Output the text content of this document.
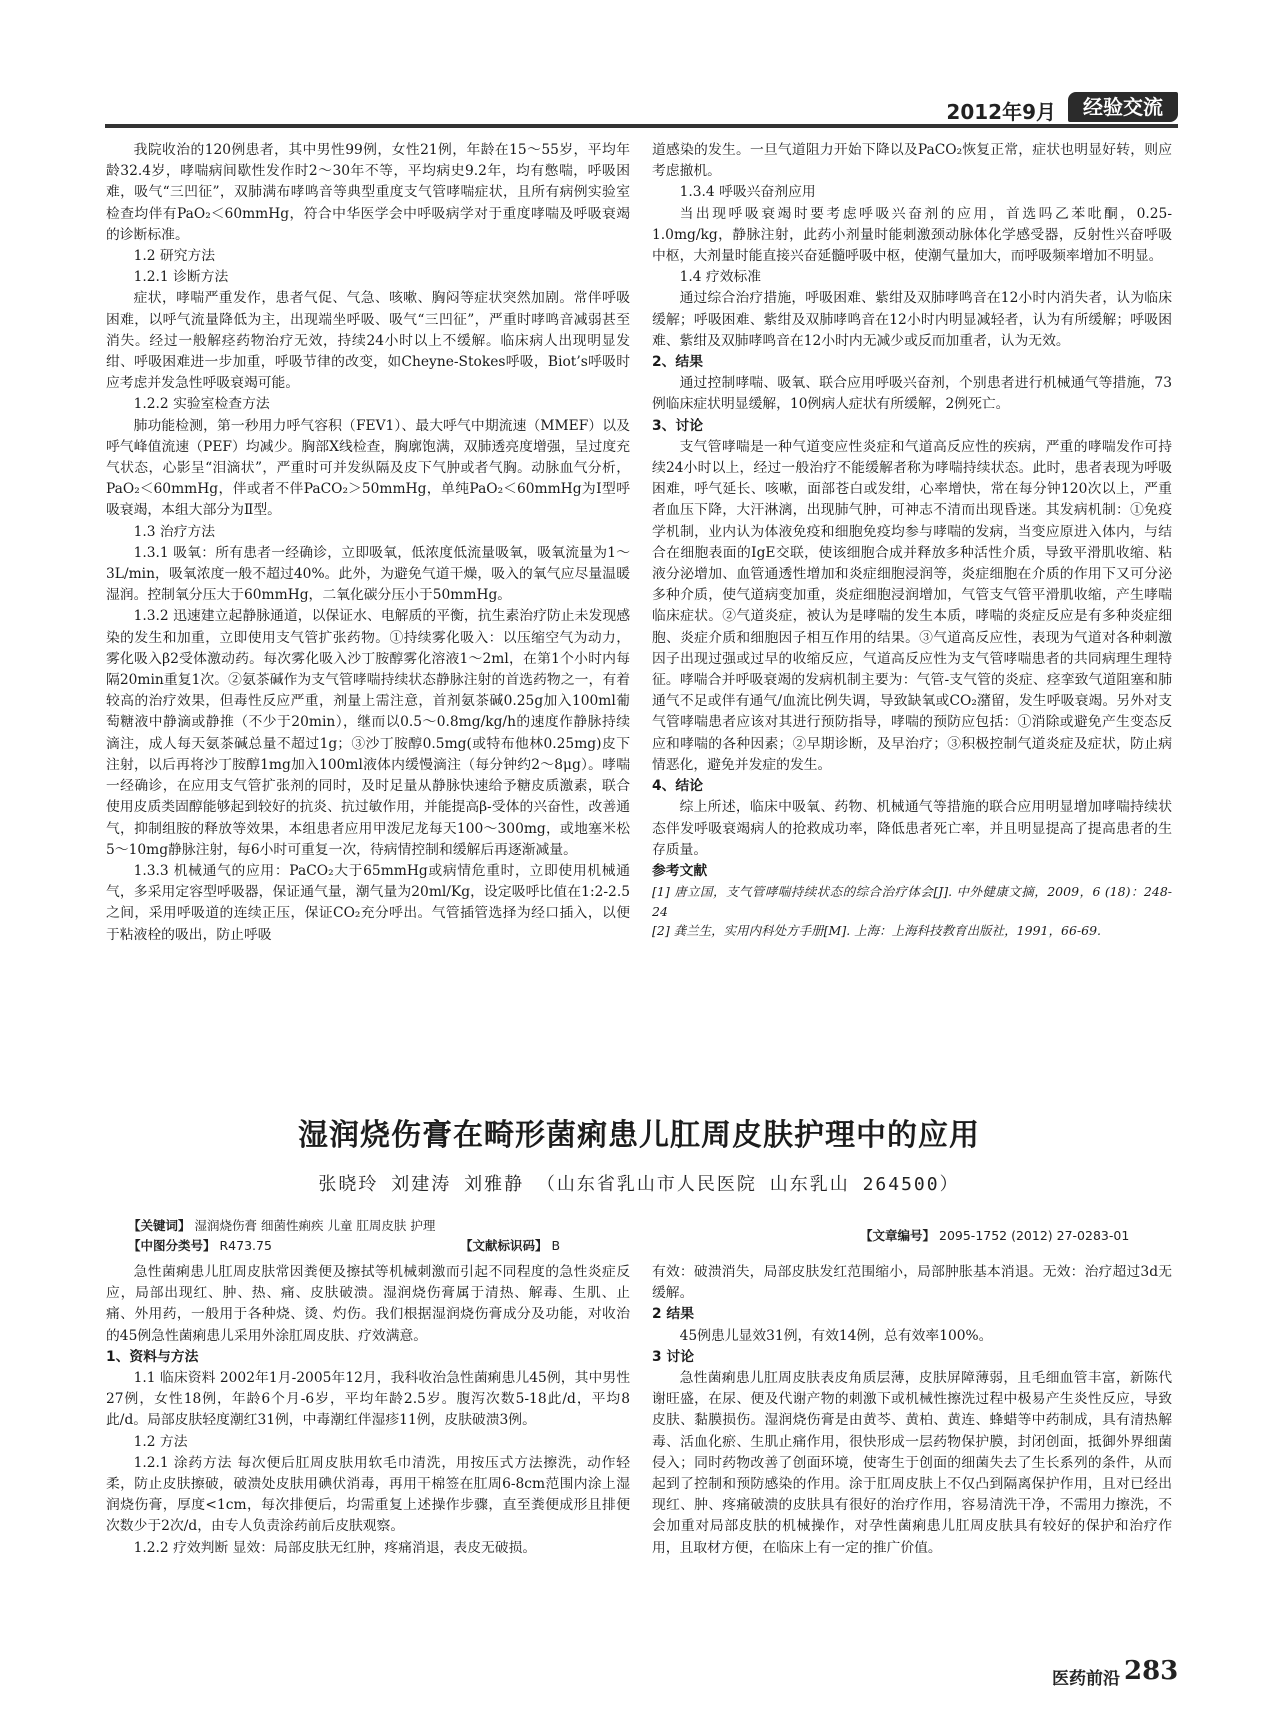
2012年9月	经验交流

我院收治的120例患者，其中男性99例，女性21例，年龄在15～55岁，平均年龄32.4岁，哮喘病间歇性发作时2～30年不等，平均病史9.2年，均有憋喘，呼吸困难，吸气“三凹征”，双肺满布哮鸣音等典型重度支气管哮喘症状，且所有病例实验室检查均伴有PaO₂＜60mmHg，符合中华医学会中呼吸病学对于重度哮喘及呼吸衰竭的诊断标准。

1.2 研究方法

1.2.1 诊断方法

症状，哮喘严重发作，患者气促、气急、咳嗽、胸闷等症状突然加剧。常伴呼吸困难，以呼气流量降低为主，出现端坐呼吸、吸气“三凹征”，严重时哮鸣音减弱甚至消失。经过一般解痉药物治疗无效，持续24小时以上不缓解。临床病人出现明显发绀、呼吸困难进一步加重，呼吸节律的改变，如Cheyne-Stokes呼吸，Biot’s呼吸时应考虑并发急性呼吸衰竭可能。

1.2.2 实验室检查方法

肺功能检测，第一秒用力呼气容积（FEV1）、最大呼气中期流速（MMEF）以及呼气峰值流速（PEF）均减少。胸部X线检查，胸廓饱满，双肺透亮度增强，呈过度充气状态，心影呈“泪滴状”，严重时可并发纵隔及皮下气肿或者气胸。动脉血气分析，PaO₂＜60mmHg，伴或者不伴PaCO₂＞50mmHg，单纯PaO₂＜60mmHg为Ⅰ型呼吸衰竭，本组大部分为Ⅱ型。

1.3 治疗方法

1.3.1 吸氧：所有患者一经确诊，立即吸氧，低浓度低流量吸氧，吸氧流量为1～3L/min，吸氧浓度一般不超过40%。此外，为避免气道干燥，吸入的氧气应尽量温暖湿润。控制氧分压大于60mmHg，二氧化碳分压小于50mmHg。

1.3.2 迅速建立起静脉通道，以保证水、电解质的平衡，抗生素治疗防止未发现感染的发生和加重，立即使用支气管扩张药物。①持续雾化吸入：以压缩空气为动力，雾化吸入β2受体激动药。每次雾化吸入沙丁胺醇雾化溶液1～2ml，在第1个小时内每隔20min重复1次。②氨茶碱作为支气管哮喘持续状态静脉注射的首选药物之一，有着较高的治疗效果，但毒性反应严重，剂量上需注意，首剂氨茶碱0.25g加入100ml葡萄糖液中静滴或静推（不少于20min），继而以0.5～0.8mg/kg/h的速度作静脉持续滴注，成人每天氨茶碱总量不超过1g；③沙丁胺醇0.5mg(或特布他林0.25mg)皮下注射，以后再将沙丁胺醇1mg加入100ml液体内缓慢滴注（每分钟约2～8μg）。哮喘一经确诊，在应用支气管扩张剂的同时，及时足量从静脉快速给予糖皮质激素，联合使用皮质类固醇能够起到较好的抗炎、抗过敏作用，并能提高β-受体的兴奋性，改善通气，抑制组胺的释放等效果，本组患者应用甲泼尼龙每天100～300mg，或地塞米松5～10mg静脉注射，每6小时可重复一次，待病情控制和缓解后再逐渐减量。

1.3.3 机械通气的应用：PaCO₂大于65mmHg或病情危重时，立即使用机械通气，多采用定容型呼吸器，保证通气量，潮气量为20ml/Kg，设定吸呼比值在1:2-2.5之间，采用呼吸道的连续正压，保证CO₂充分呼出。气管插管选择为经口插入，以便于粘液栓的吸出，防止呼吸

道感染的发生。一旦气道阻力开始下降以及PaCO₂恢复正常，症状也明显好转，则应考虑撤机。

1.3.4 呼吸兴奋剂应用

当出现呼吸衰竭时要考虑呼吸兴奋剂的应用，首选吗乙苯吡酮，0.25-1.0mg/kg，静脉注射，此药小剂量时能刺激颈动脉体化学感受器，反射性兴奋呼吸中枢，大剂量时能直接兴奋延髓呼吸中枢，使潮气量加大，而呼吸频率增加不明显。

1.4 疗效标准

通过综合治疗措施，呼吸困难、紫绀及双肺哮鸣音在12小时内消失者，认为临床缓解；呼吸困难、紫绀及双肺哮鸣音在12小时内明显减轻者，认为有所缓解；呼吸困难、紫绀及双肺哮鸣音在12小时内无减少或反而加重者，认为无效。

2、结果

通过控制哮喘、吸氧、联合应用呼吸兴奋剂，个别患者进行机械通气等措施，73例临床症状明显缓解，10例病人症状有所缓解，2例死亡。

3、讨论

支气管哮喘是一种气道变应性炎症和气道高反应性的疾病，严重的哮喘发作可持续24小时以上，经过一般治疗不能缓解者称为哮喘持续状态。此时，患者表现为呼吸困难，呼气延长、咳嗽，面部苍白或发绀，心率增快，常在每分钟120次以上，严重者血压下降，大汗淋漓，出现肺气肿，可神志不清而出现昏迷。其发病机制：①免疫学机制，业内认为体液免疫和细胞免疫均参与哮喘的发病，当变应原进入体内，与结合在细胞表面的IgE交联，使该细胞合成并释放多种活性介质，导致平滑肌收缩、粘液分泌增加、血管通透性增加和炎症细胞浸润等，炎症细胞在介质的作用下又可分泌多种介质，使气道病变加重，炎症细胞浸润增加，气管支气管平滑肌收缩，产生哮喘临床症状。②气道炎症，被认为是哮喘的发生本质，哮喘的炎症反应是有多种炎症细胞、炎症介质和细胞因子相互作用的结果。③气道高反应性，表现为气道对各种刺激因子出现过强或过早的收缩反应，气道高反应性为支气管哮喘患者的共同病理生理特征。哮喘合并呼吸衰竭的发病机制主要为：气管-支气管的炎症、痉挛致气道阻塞和肺通气不足或伴有通气/血流比例失调，导致缺氧或CO₂潴留，发生呼吸衰竭。另外对支气管哮喘患者应该对其进行预防指导，哮喘的预防应包括：①消除或避免产生变态反应和哮喘的各种因素；②早期诊断，及早治疗；③积极控制气道炎症及症状，防止病情恶化，避免并发症的发生。

4、结论

综上所述，临床中吸氧、药物、机械通气等措施的联合应用明显增加哮喘持续状态伴发呼吸衰竭病人的抢救成功率，降低患者死亡率，并且明显提高了提高患者的生存质量。

参考文献

[1] 唐立国，支气管哮喘持续状态的综合治疗体会[J]. 中外健康文摘，2009，6 (18)：248-24

[2] 龚兰生，实用内科处方手册[M]. 上海：上海科技教育出版社，1991，66-69.

湿润烧伤膏在畸形菌痢患儿肛周皮肤护理中的应用
张晓玲 刘建涛 刘雅静 （山东省乳山市人民医院 山东乳山 264500）
【关键词】 湿润烧伤膏 细菌性痢疾 儿童 肛周皮肤 护理
【中图分类号】 R473.75	【文献标识码】 B
【文章编号】 2095-1752 (2012) 27-0283-01

急性菌痢患儿肛周皮肤常因粪便及擦拭等机械刺激而引起不同程度的急性炎症反应，局部出现红、肿、热、痛、皮肤破溃。湿润烧伤膏属于清热、解毒、生肌、止痛、外用药，一般用于各种烧、烫、灼伤。我们根据湿润烧伤膏成分及功能，对收治的45例急性菌痢患儿采用外涂肛周皮肤、疗效满意。

1、资料与方法

1.1 临床资料 2002年1月-2005年12月，我科收治急性菌痢患儿45例，其中男性27例，女性18例，年龄6个月-6岁，平均年龄2.5岁。腹泻次数5-18此/d，平均8此/d。局部皮肤轻度潮红31例，中毒潮红伴湿疹11例，皮肤破溃3例。

1.2 方法

1.2.1 涂药方法 每次便后肛周皮肤用软毛巾清洗，用按压式方法擦洗，动作轻柔，防止皮肤擦破，破溃处皮肤用碘伏消毒，再用干棉签在肛周6-8cm范围内涂上湿润烧伤膏，厚度<1cm，每次排便后，均需重复上述操作步骤，直至粪便成形且排便次数少于2次/d，由专人负责涂药前后皮肤观察。

1.2.2 疗效判断 显效：局部皮肤无红肿，疼痛消退，表皮无破损。

有效：破溃消失，局部皮肤发红范围缩小，局部肿胀基本消退。无效：治疗超过3d无缓解。

2 结果

45例患儿显效31例，有效14例，总有效率100%。

3 讨论

急性菌痢患儿肛周皮肤表皮角质层薄，皮肤屏障薄弱，且毛细血管丰富，新陈代谢旺盛，在尿、便及代谢产物的刺激下或机械性擦洗过程中极易产生炎性反应，导致皮肤、黏膜损伤。湿润烧伤膏是由黄芩、黄柏、黄连、蜂蜡等中药制成，具有清热解毒、活血化瘀、生肌止痛作用，很快形成一层药物保护膜，封闭创面，抵御外界细菌侵入；同时药物改善了创面环境，使寄生于创面的细菌失去了生长系列的条件，从而起到了控制和预防感染的作用。涂于肛周皮肤上不仅凸到隔离保护作用，且对已经出现红、肿、疼痛破溃的皮肤具有很好的治疗作用，容易清洗干净，不需用力擦洗，不会加重对局部皮肤的机械操作，对孕性菌痢患儿肛周皮肤具有较好的保护和治疗作用，且取材方便，在临床上有一定的推广价值。

医药前沿 283
